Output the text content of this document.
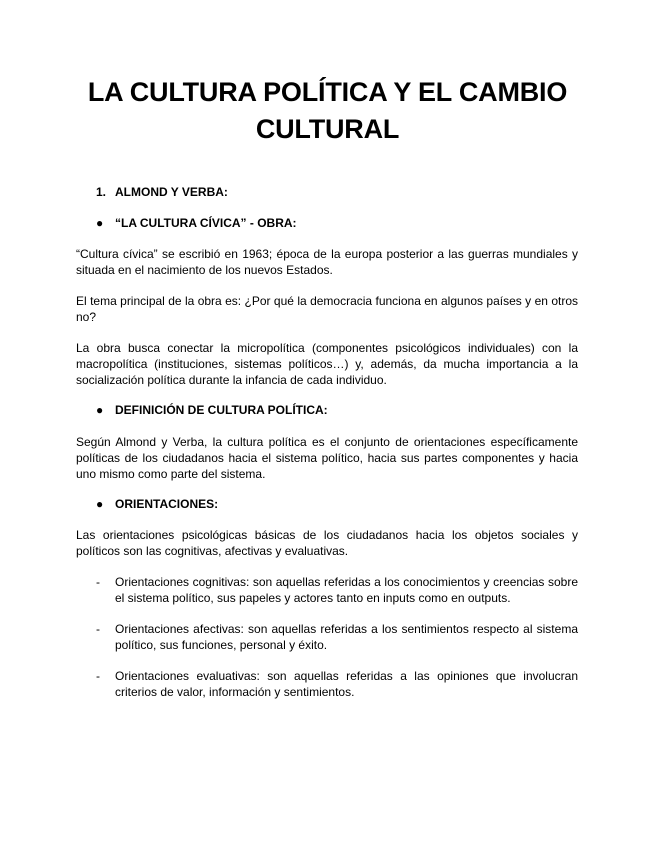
LA CULTURA POLÍTICA Y EL CAMBIO CULTURAL
1. ALMOND Y VERBA:
● “LA CULTURA CÍVICA” - OBRA:

“Cultura cívica” se escribió en 1963; época de la europa posterior a las guerras mundiales y situada en el nacimiento de los nuevos Estados.

El tema principal de la obra es: ¿Por qué la democracia funciona en algunos países y en otros no?

La obra busca conectar la micropolítica (componentes psicológicos individuales) con la macropolítica (instituciones, sistemas políticos…) y, además, da mucha importancia a la socialización política durante la infancia de cada individuo.

● DEFINICIÓN DE CULTURA POLÍTICA:

Según Almond y Verba, la cultura política es el conjunto de orientaciones específicamente políticas de los ciudadanos hacia el sistema político, hacia sus partes componentes y hacia uno mismo como parte del sistema.

● ORIENTACIONES:

Las orientaciones psicológicas básicas de los ciudadanos hacia los objetos sociales y políticos son las cognitivas, afectivas y evaluativas.

-	Orientaciones cognitivas: son aquellas referidas a los conocimientos y creencias sobre el sistema político, sus papeles y actores tanto en inputs como en outputs.
-	Orientaciones afectivas: son aquellas referidas a los sentimientos respecto al sistema político, sus funciones, personal y éxito.
-	Orientaciones evaluativas: son aquellas referidas a las opiniones que involucran criterios de valor, información y sentimientos.
